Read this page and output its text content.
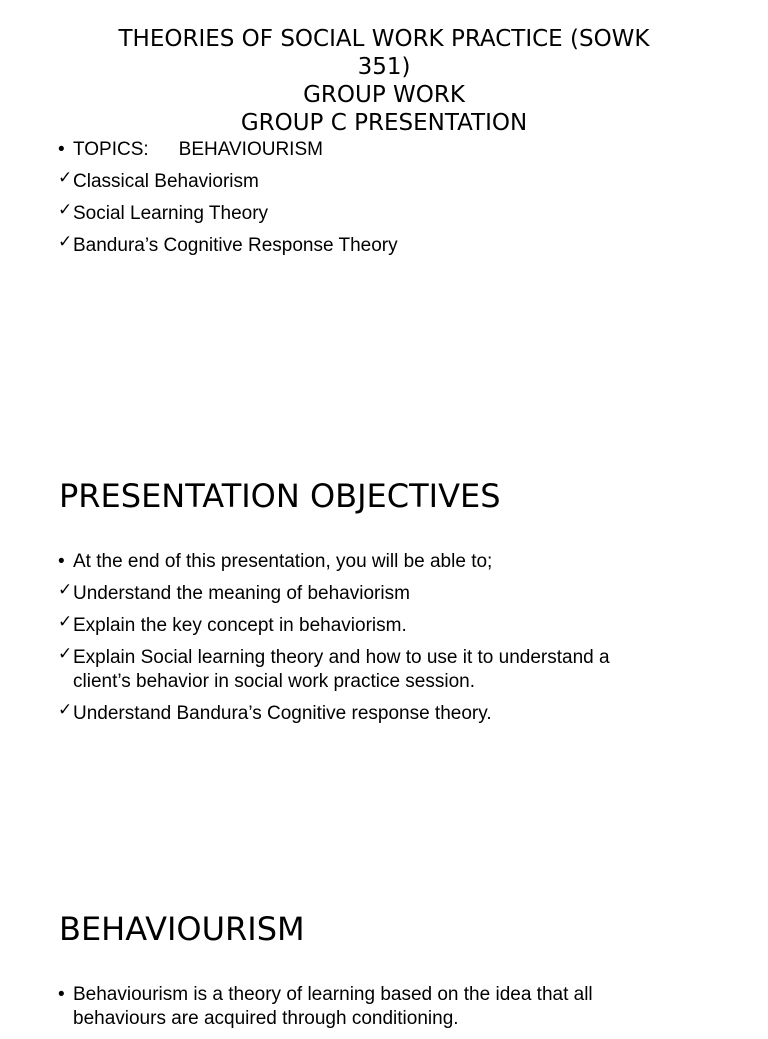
THEORIES OF SOCIAL WORK PRACTICE (SOWK
351)
GROUP WORK
GROUP C PRESENTATION
•
TOPICS: BEHAVIOURISM
✓
Classical Behaviorism
✓
Social Learning Theory
✓
Bandura’s Cognitive Response Theory
PRESENTATION OBJECTIVES
•
At the end of this presentation, you will be able to;
✓
Understand the meaning of behaviorism
✓
Explain the key concept in behaviorism.
✓
Explain Social learning theory and how to use it to understand a client’s behavior in social work practice session.
✓
Understand Bandura’s Cognitive response theory.
BEHAVIOURISM
•
Behaviourism is a theory of learning based on the idea that all behaviours are acquired through conditioning.
